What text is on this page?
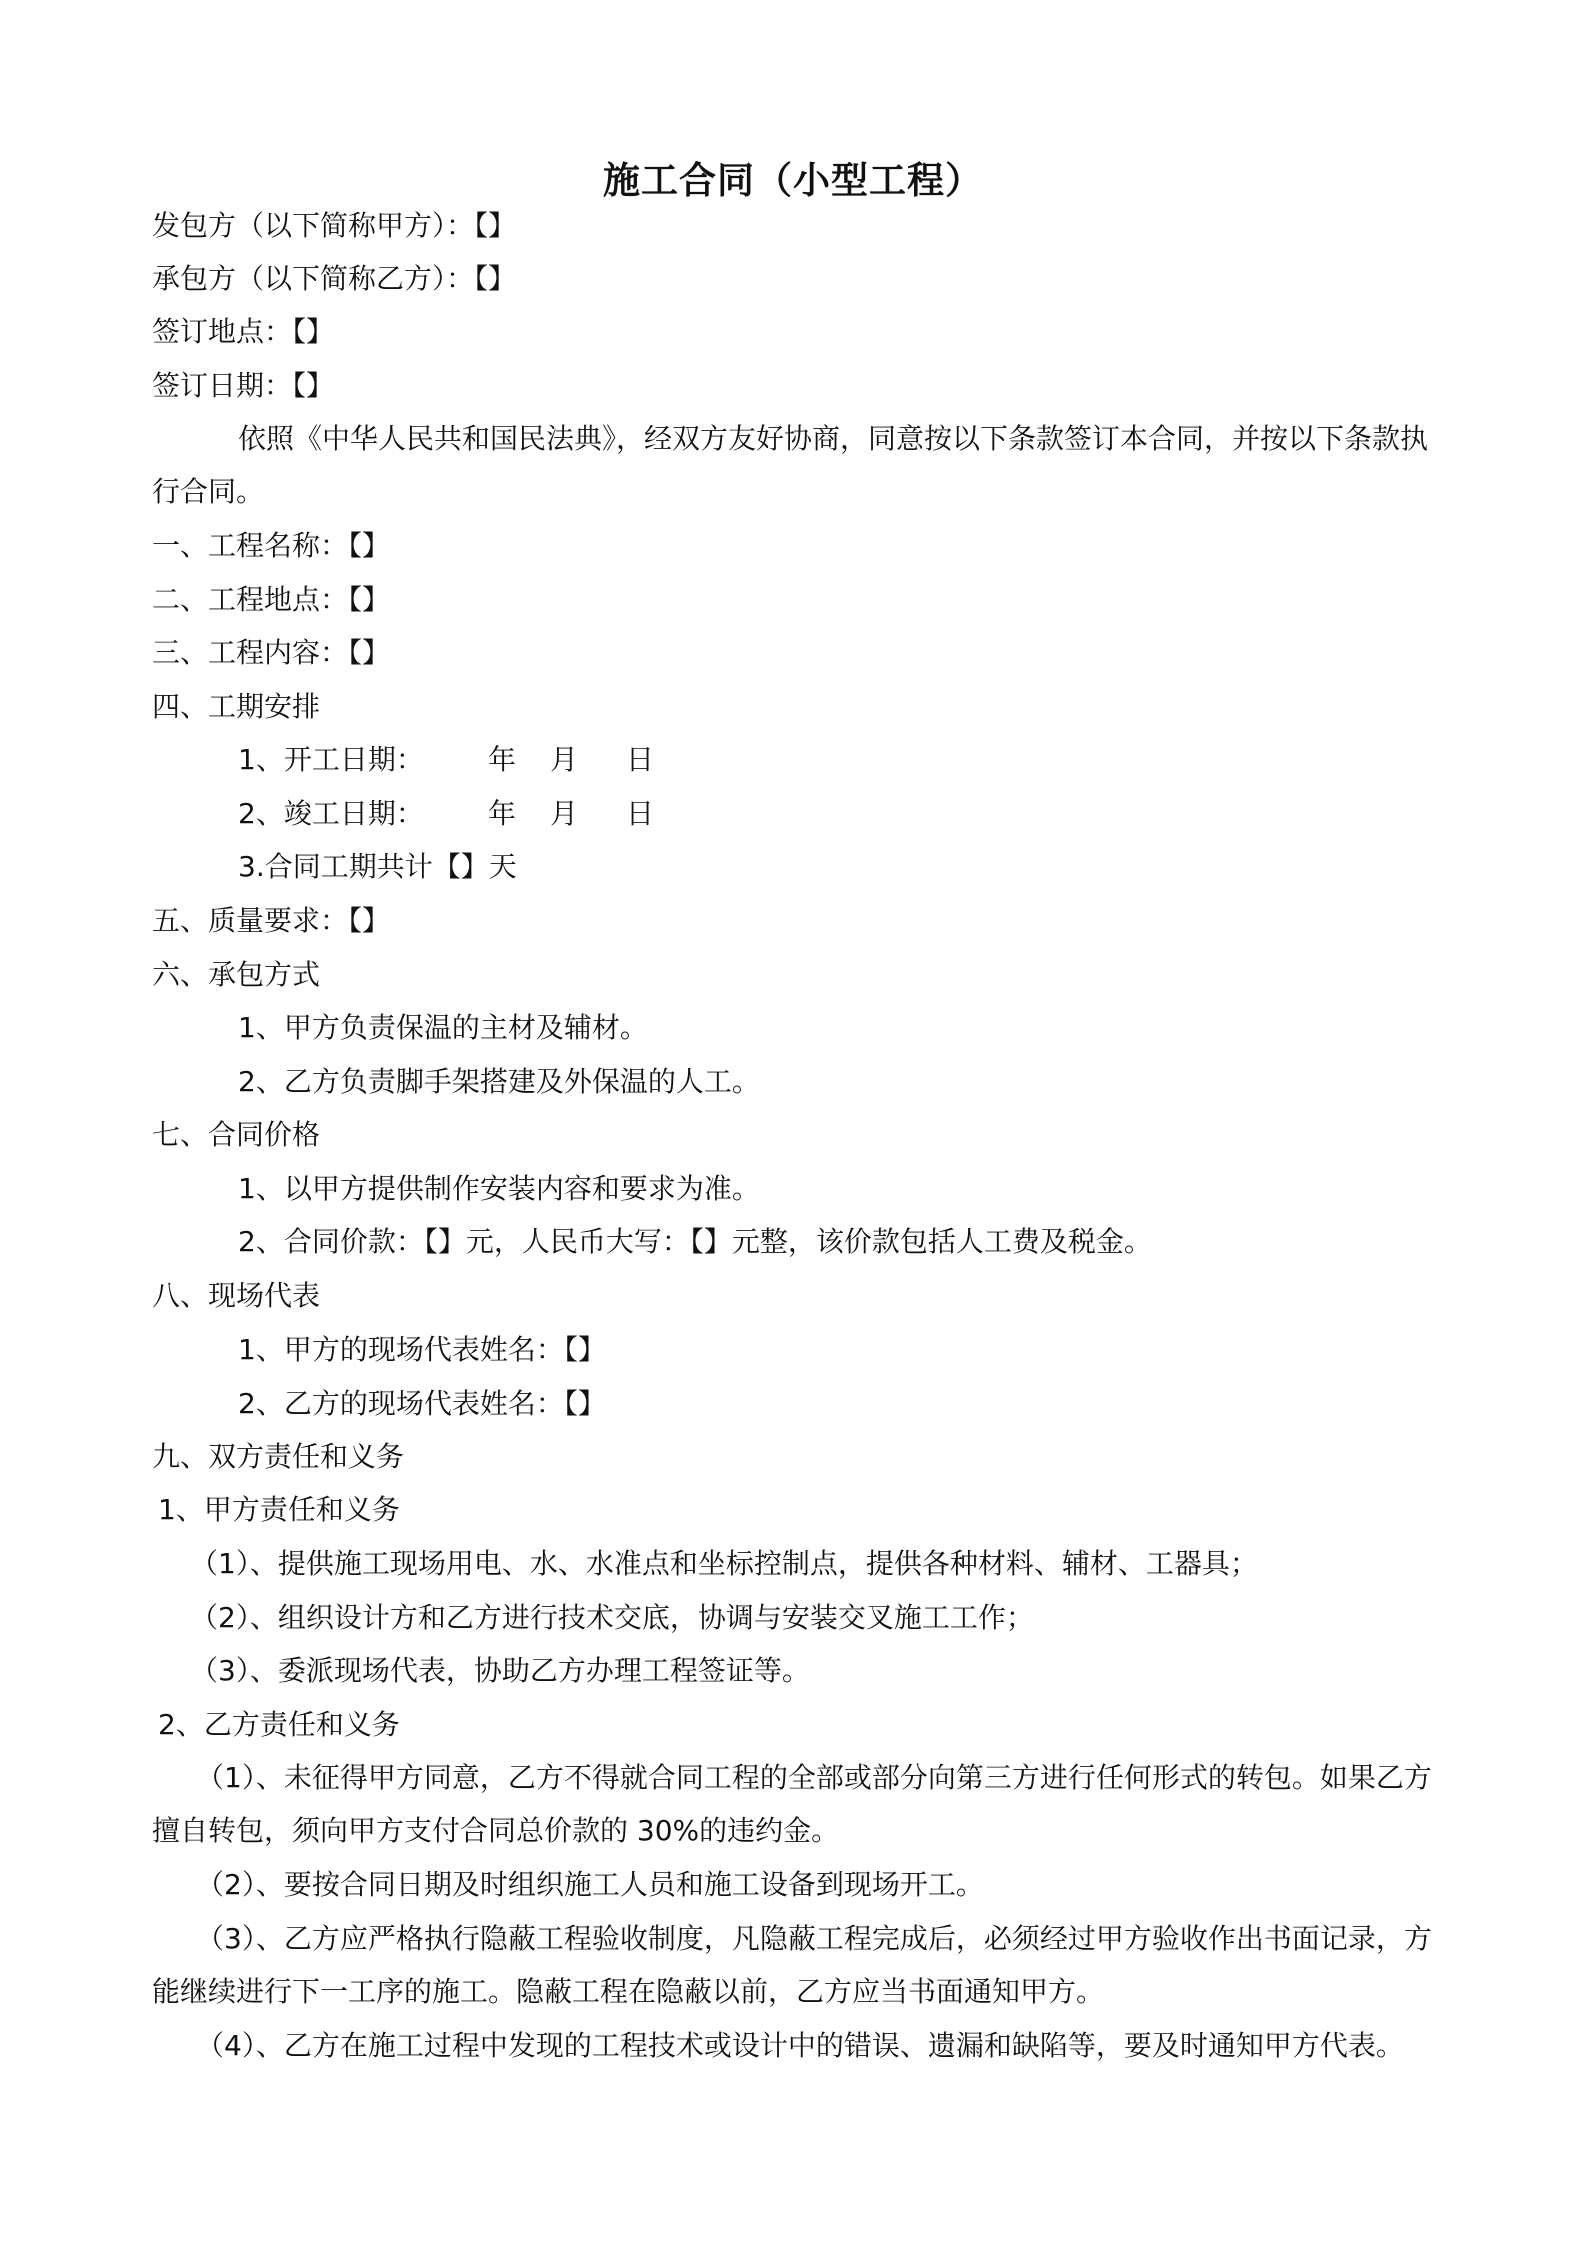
施工合同（小型工程）
发包方（以下简称甲方）：【】
承包方（以下简称乙方）：【】
签订地点：【】
签订日期：【】
依照《中华人民共和国民法典》，经双方友好协商，同意按以下条款签订本合同，并按以下条款执行合同。
一、工程名称：【】
二、工程地点：【】
三、工程内容：【】
四、工期安排
1、开工日期： 年 月 日
2、竣工日期： 年 月 日
3.合同工期共计【】天
五、质量要求：【】
六、承包方式
1、甲方负责保温的主材及辅材。
2、乙方负责脚手架搭建及外保温的人工。
七、合同价格
1、以甲方提供制作安装内容和要求为准。
2、合同价款：【】元，人民币大写：【】元整，该价款包括人工费及税金。
八、现场代表
1、甲方的现场代表姓名：【】
2、乙方的现场代表姓名：【】
九、双方责任和义务
1、甲方责任和义务
（1）、提供施工现场用电、水、水准点和坐标控制点，提供各种材料、辅材、工器具；
（2）、组织设计方和乙方进行技术交底，协调与安装交叉施工工作；
（3）、委派现场代表，协助乙方办理工程签证等。
2、乙方责任和义务
（1）、未征得甲方同意，乙方不得就合同工程的全部或部分向第三方进行任何形式的转包。如果乙方擅自转包，须向甲方支付合同总价款的 30%的违约金。
（2）、要按合同日期及时组织施工人员和施工设备到现场开工。
（3）、乙方应严格执行隐蔽工程验收制度，凡隐蔽工程完成后，必须经过甲方验收作出书面记录，方能继续进行下一工序的施工。隐蔽工程在隐蔽以前，乙方应当书面通知甲方。
（4）、乙方在施工过程中发现的工程技术或设计中的错误、遗漏和缺陷等，要及时通知甲方代表。
